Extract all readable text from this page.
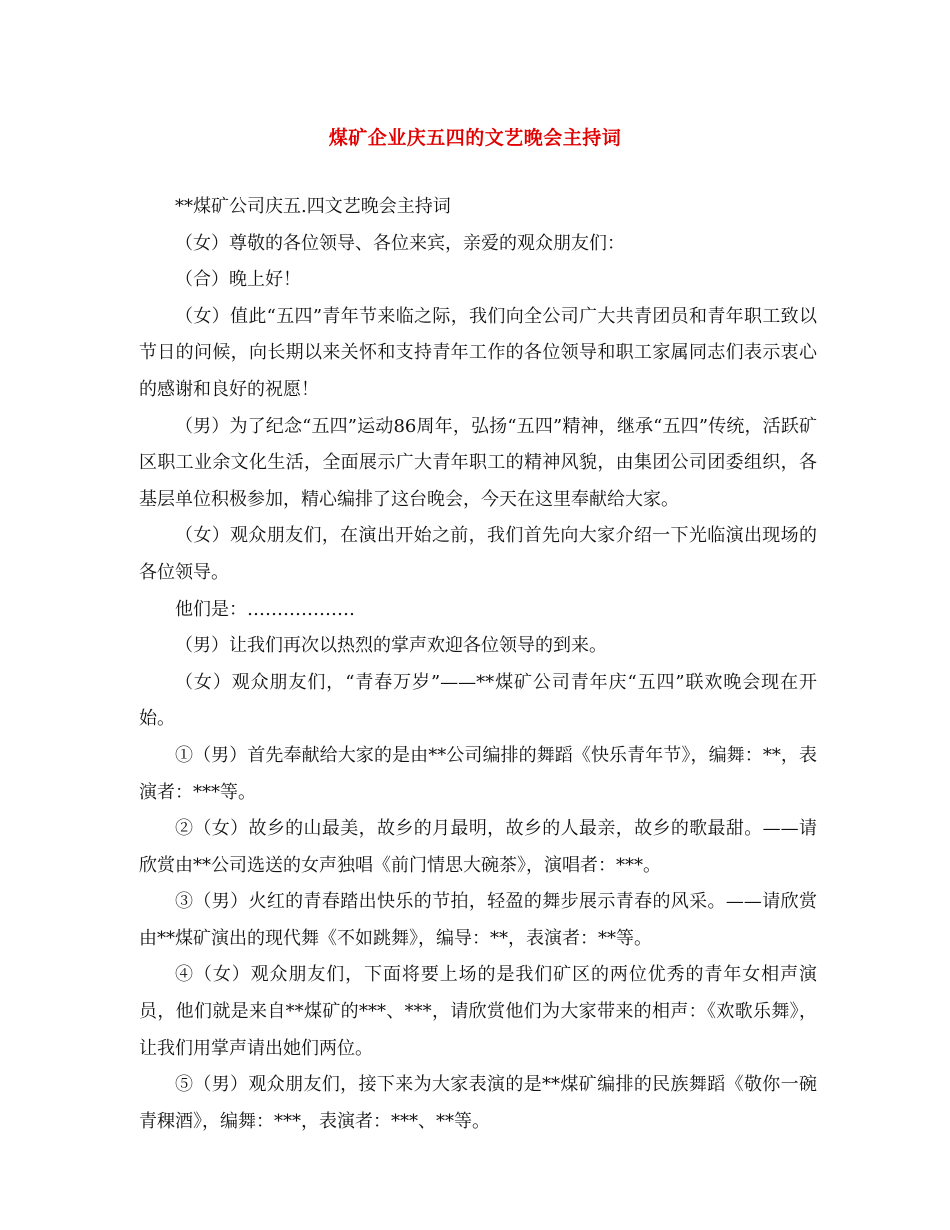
煤矿企业庆五四的文艺晚会主持词

**煤矿公司庆五.四文艺晚会主持词

（女）尊敬的各位领导、各位来宾，亲爱的观众朋友们：

（合）晚上好！

（女）值此“五四”青年节来临之际，我们向全公司广大共青团员和青年职工致以节日的问候，向长期以来关怀和支持青年工作的各位领导和职工家属同志们表示衷心的感谢和良好的祝愿！

（男）为了纪念“五四”运动86周年，弘扬“五四”精神，继承“五四”传统，活跃矿区职工业余文化生活，全面展示广大青年职工的精神风貌，由集团公司团委组织，各基层单位积极参加，精心编排了这台晚会，今天在这里奉献给大家。

（女）观众朋友们，在演出开始之前，我们首先向大家介绍一下光临演出现场的各位领导。

他们是：………………

（男）让我们再次以热烈的掌声欢迎各位领导的到来。

（女）观众朋友们，“青春万岁”——**煤矿公司青年庆“五四”联欢晚会现在开始。

①（男）首先奉献给大家的是由**公司编排的舞蹈《快乐青年节》，编舞：**，表演者：***等。

②（女）故乡的山最美，故乡的月最明，故乡的人最亲，故乡的歌最甜。——请欣赏由**公司选送的女声独唱《前门情思大碗茶》，演唱者：***。

③（男）火红的青春踏出快乐的节拍，轻盈的舞步展示青春的风采。——请欣赏由**煤矿演出的现代舞《不如跳舞》，编导：**，表演者：**等。

④（女）观众朋友们，下面将要上场的是我们矿区的两位优秀的青年女相声演员，他们就是来自**煤矿的***、***，请欣赏他们为大家带来的相声：《欢歌乐舞》，让我们用掌声请出她们两位。

⑤（男）观众朋友们，接下来为大家表演的是**煤矿编排的民族舞蹈《敬你一碗青稞酒》，编舞：***，表演者：***、**等。
